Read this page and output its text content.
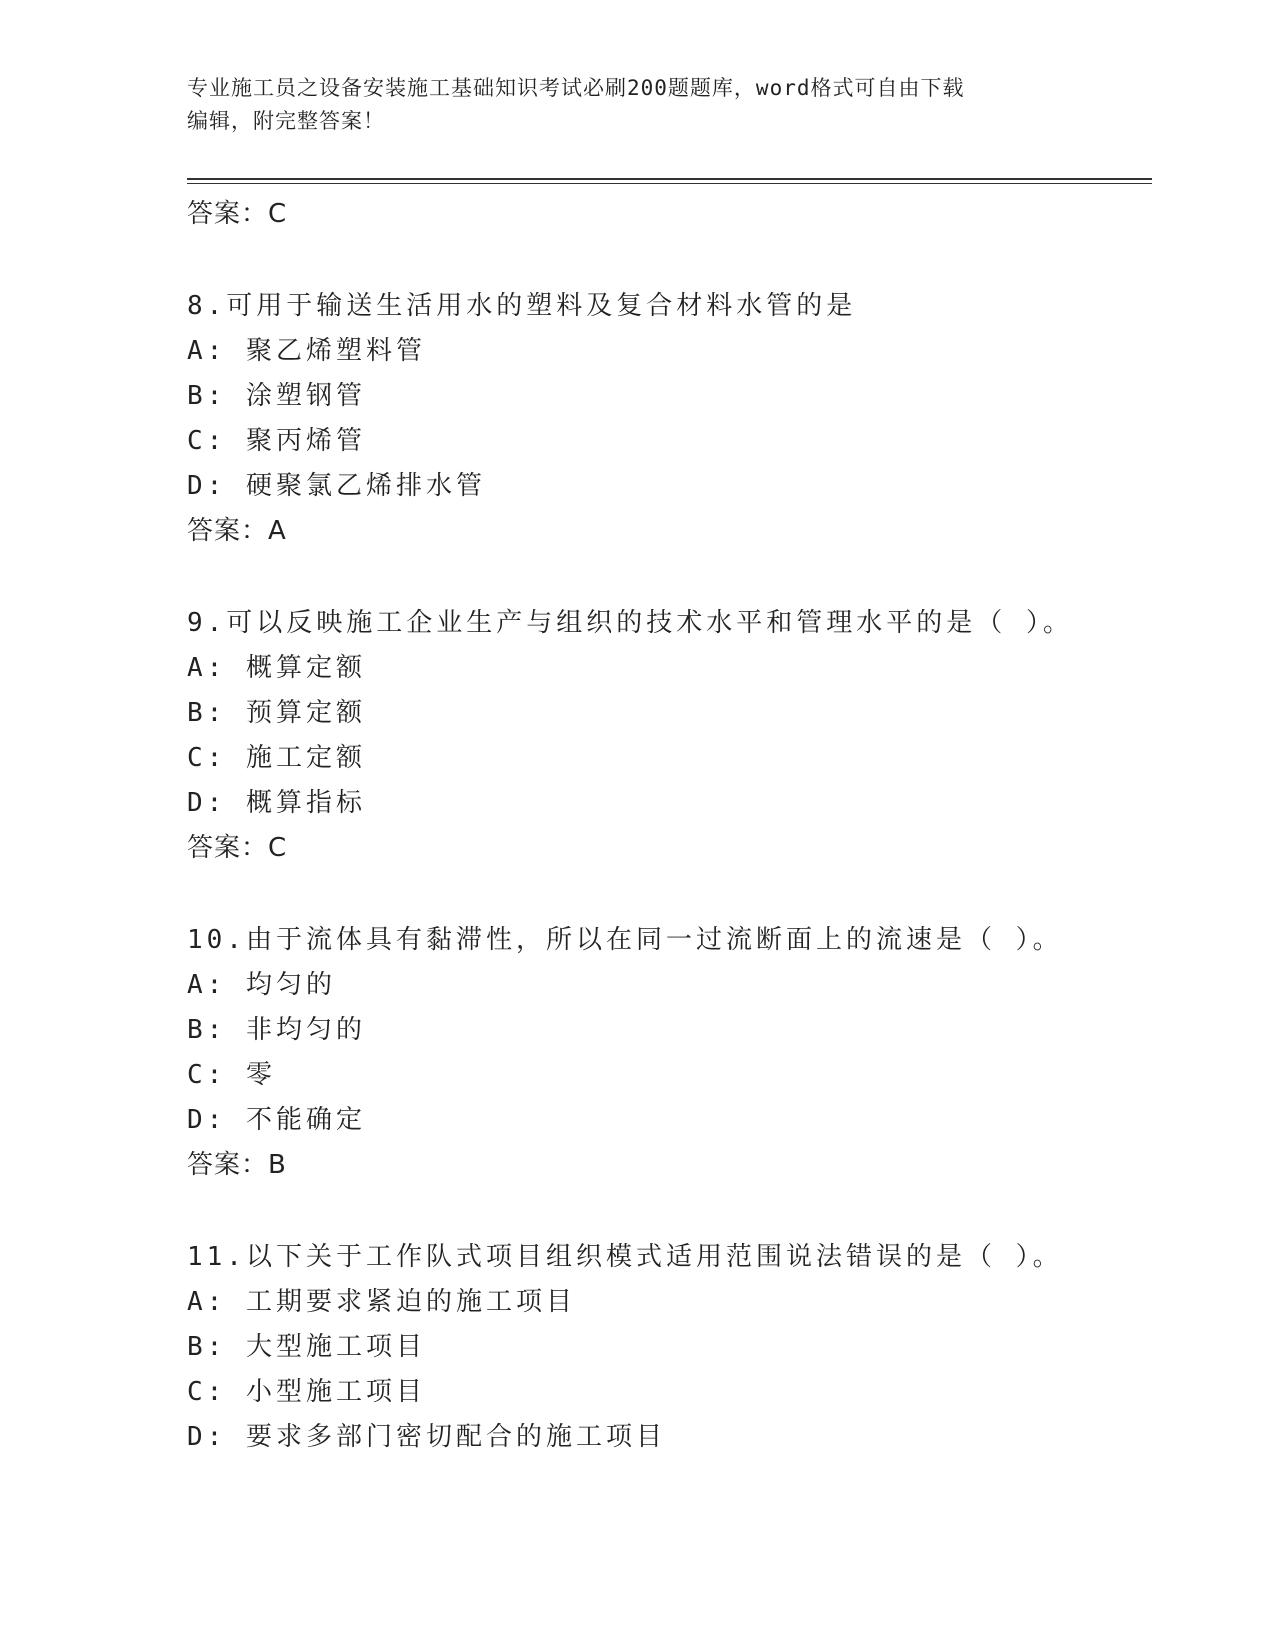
专业施工员之设备安装施工基础知识考试必刷200题题库，word格式可自由下载
编辑，附完整答案！
答案：C
8.可用于输送生活用水的塑料及复合材料水管的是
A: 聚乙烯塑料管
B: 涂塑钢管
C: 聚丙烯管
D: 硬聚氯乙烯排水管
答案：A
9.可以反映施工企业生产与组织的技术水平和管理水平的是（ ）。
A: 概算定额
B: 预算定额
C: 施工定额
D: 概算指标
答案：C
10.由于流体具有黏滞性，所以在同一过流断面上的流速是（ ）。
A: 均匀的
B: 非均匀的
C: 零
D: 不能确定
答案：B
11.以下关于工作队式项目组织模式适用范围说法错误的是（ ）。
A: 工期要求紧迫的施工项目
B: 大型施工项目
C: 小型施工项目
D: 要求多部门密切配合的施工项目
